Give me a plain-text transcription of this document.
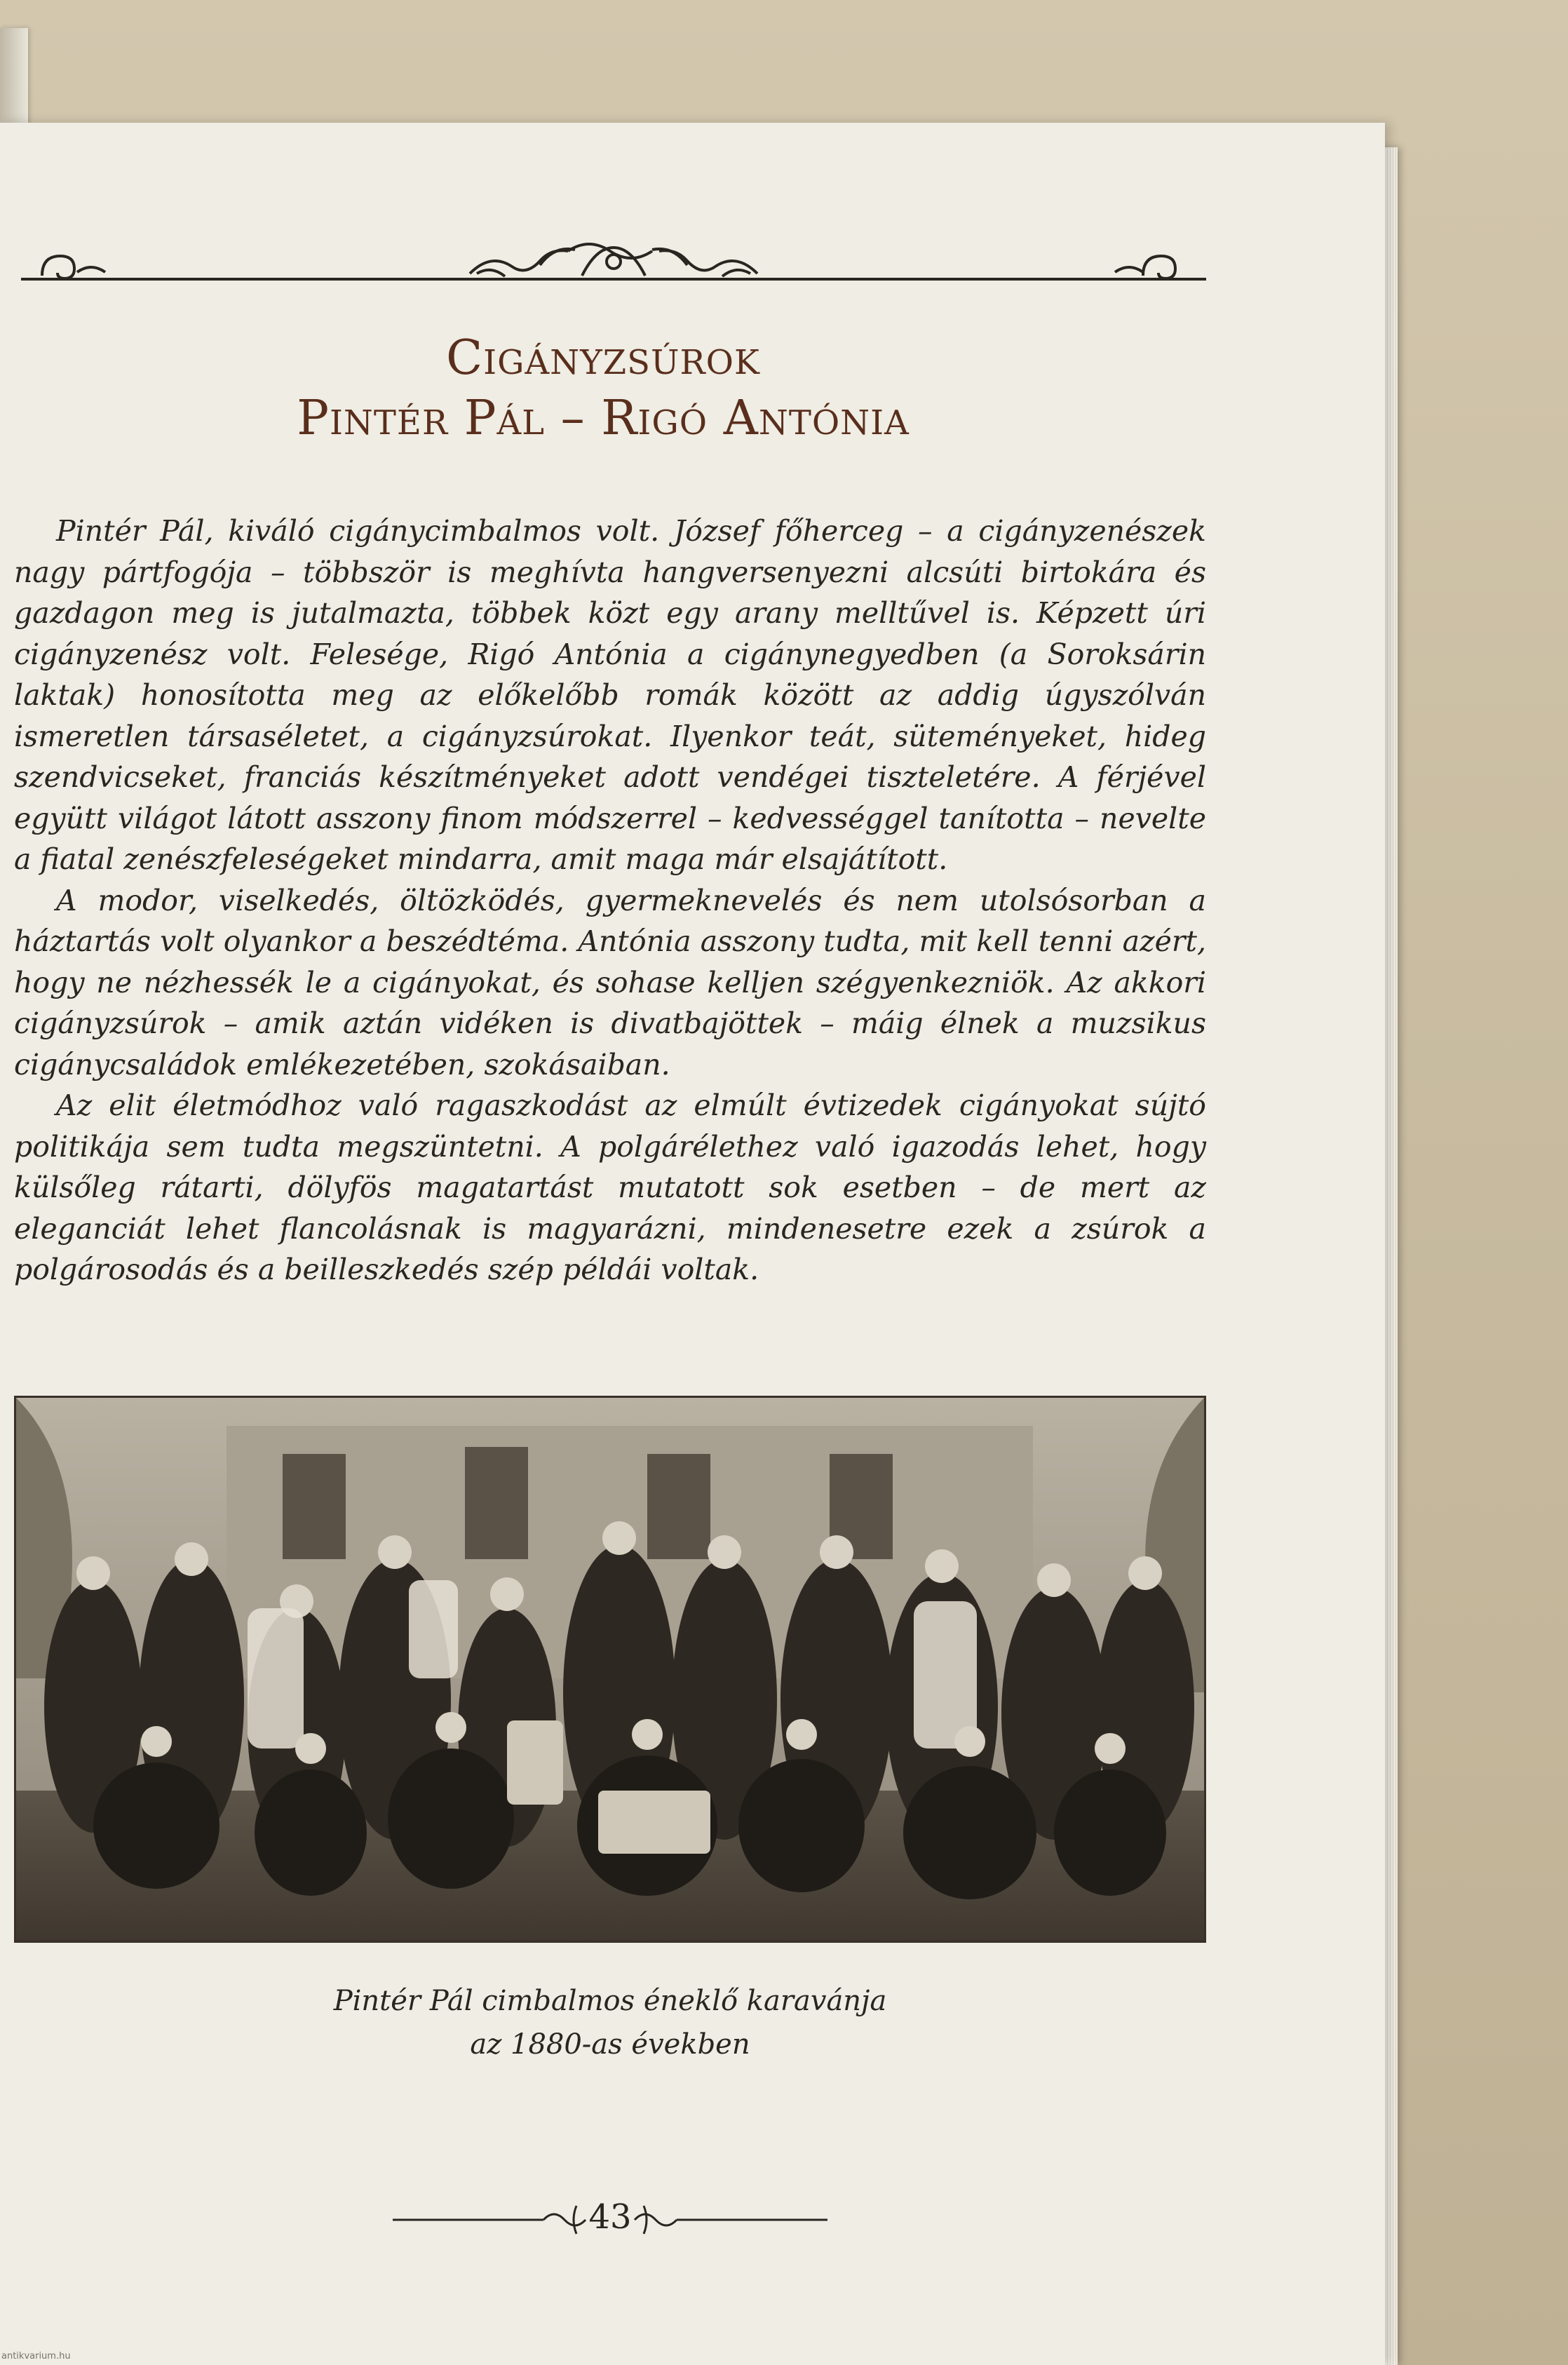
Cigányzsúrok
Pintér Pál – Rigó Antónia

Pintér Pál, kiváló cigánycimbalmos volt. József főherceg – a cigányzenészek nagy pártfogója – többször is meghívta hangversenyezni alcsúti birtokára és gazdagon meg is jutalmazta, többek közt egy arany melltűvel is. Képzett úri cigányzenész volt. Felesége, Rigó Antónia a cigánynegyedben (a Soroksárin laktak) honosította meg az előkelőbb romák között az addig úgyszólván ismeretlen társaséletet, a cigányzsúrokat. Ilyenkor teát, süteményeket, hideg szendvicseket, franciás készítményeket adott vendégei tiszteletére. A férjével együtt világot látott asszony finom módszerrel – kedvességgel tanította – nevelte a fiatal zenészfeleségeket mindarra, amit maga már elsajátított.

A modor, viselkedés, öltözködés, gyermeknevelés és nem utolsósorban a háztartás volt olyankor a beszédtéma. Antónia asszony tudta, mit kell tenni azért, hogy ne nézhessék le a cigányokat, és sohase kelljen szégyenkezniök. Az akkori cigányzsúrok – amik aztán vidéken is divatbajöttek – máig élnek a muzsikus cigánycsaládok emlékezetében, szokásaiban.

Az elit életmódhoz való ragaszkodást az elmúlt évtizedek cigányokat sújtó politikája sem tudta megszüntetni. A polgárélethez való igazodás lehet, hogy külsőleg rátarti, dölyfös magatartást mutatott sok esetben – de mert az eleganciát lehet flancolásnak is magyarázni, mindenesetre ezek a zsúrok a polgárosodás és a beilleszkedés szép példái voltak.

Pintér Pál cimbalmos éneklő karavánja
az 1880-as években
43
antikvarium.hu
